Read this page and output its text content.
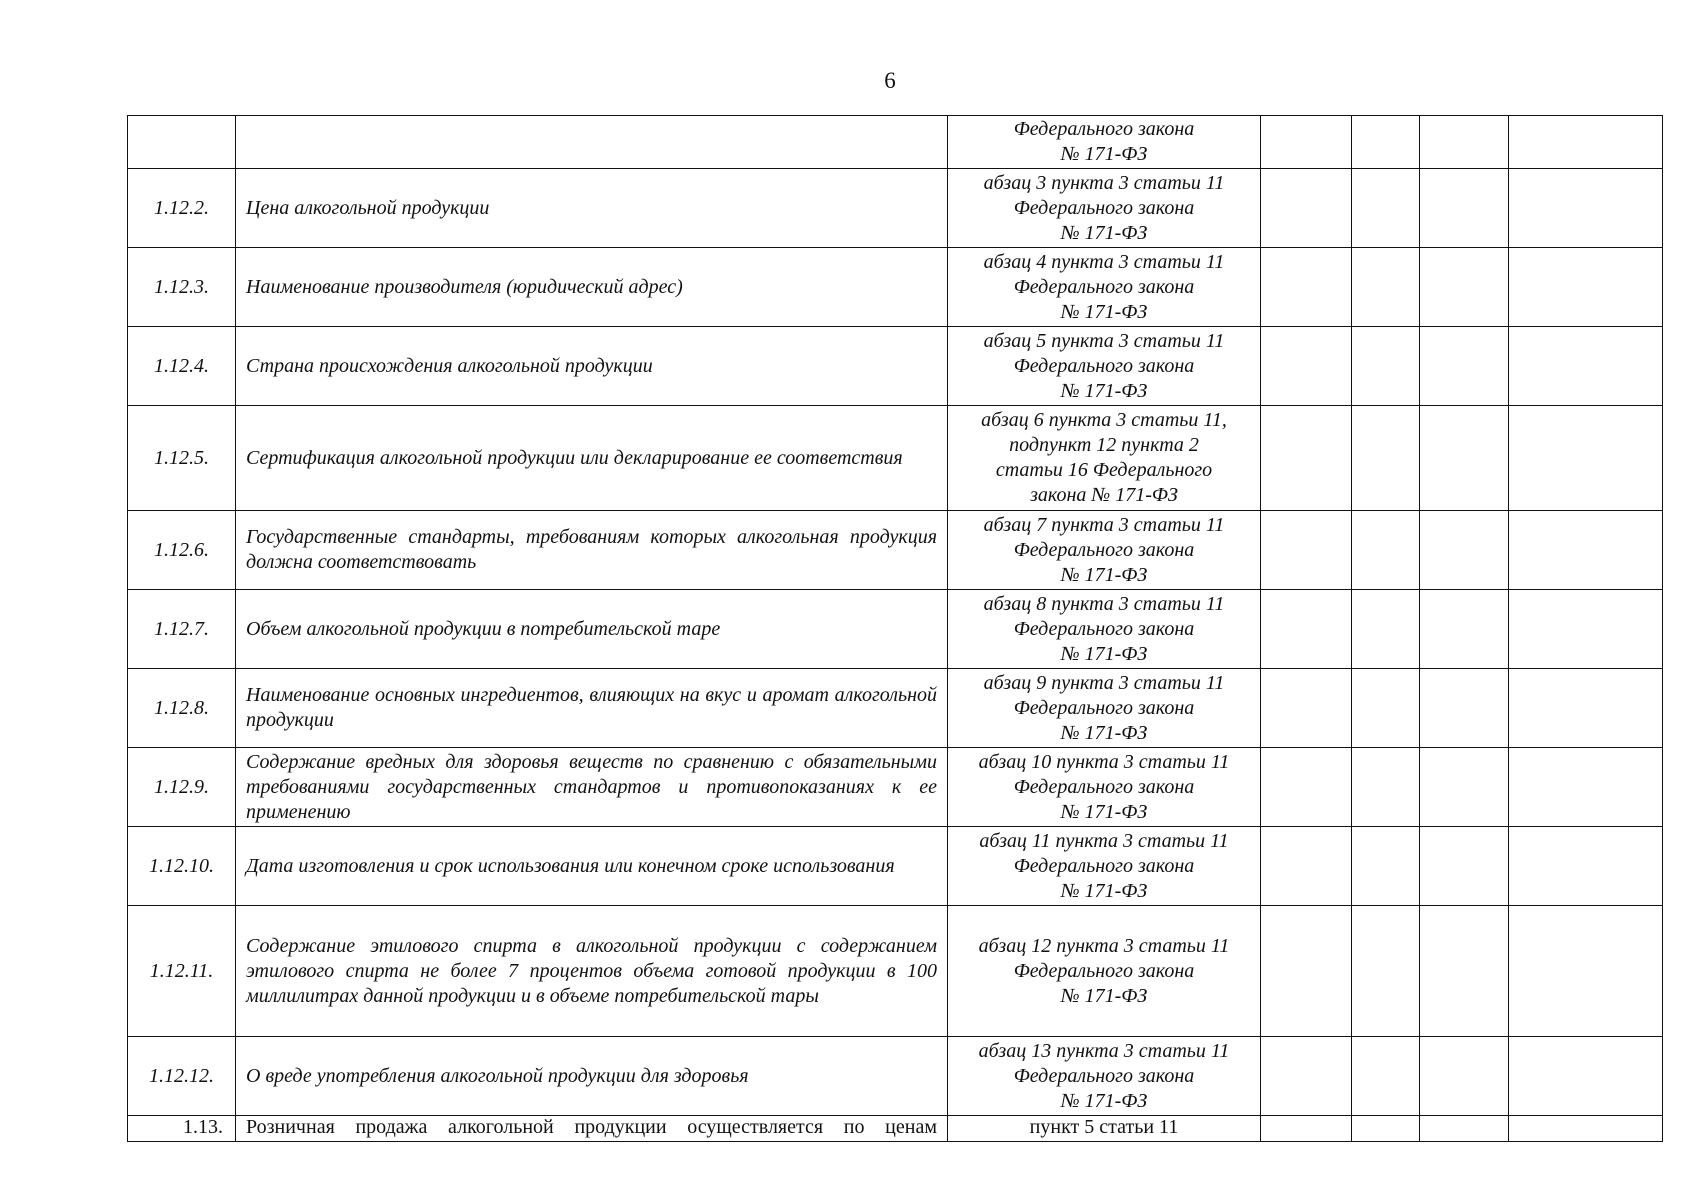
6

		Федерального закона
№ 171-ФЗ				

1.12.2.	Цена алкогольной продукции	абзац 3 пункта 3 статьи 11
Федерального закона
№ 171-ФЗ				

1.12.3.	Наименование производителя (юридический адрес)	абзац 4 пункта 3 статьи 11
Федерального закона
№ 171-ФЗ				

1.12.4.	Страна происхождения алкогольной продукции	абзац 5 пункта 3 статьи 11
Федерального закона
№ 171-ФЗ				

1.12.5.	Сертификация алкогольной продукции или декларирование ее соответствия	абзац 6 пункта 3 статьи 11,
подпункт 12 пункта 2
статьи 16 Федерального
закона № 171-ФЗ				

1.12.6.	Государственные стандарты, требованиям которых алкогольная продукция должна соответствовать	абзац 7 пункта 3 статьи 11
Федерального закона
№ 171-ФЗ				

1.12.7.	Объем алкогольной продукции в потребительской таре	абзац 8 пункта 3 статьи 11
Федерального закона
№ 171-ФЗ				

1.12.8.	Наименование основных ингредиентов, влияющих на вкус и аромат алкогольной продукции	абзац 9 пункта 3 статьи 11
Федерального закона
№ 171-ФЗ				

1.12.9.	Содержание вредных для здоровья веществ по сравнению с обязательными требованиями государственных стандартов и противопоказаниях к ее применению	абзац 10 пункта 3 статьи 11
Федерального закона
№ 171-ФЗ				

1.12.10.	Дата изготовления и срок использования или конечном сроке использования	абзац 11 пункта 3 статьи 11
Федерального закона
№ 171-ФЗ				

1.12.11.	Содержание этилового спирта в алкогольной продукции с содержанием этилового спирта не более 7 процентов объема готовой продукции в 100 миллилитрах данной продукции и в объеме потребительской тары	абзац 12 пункта 3 статьи 11
Федерального закона
№ 171-ФЗ				

1.12.12.	О вреде употребления алкогольной продукции для здоровья	абзац 13 пункта 3 статьи 11
Федерального закона
№ 171-ФЗ				

1.13.	Розничная продажа алкогольной продукции осуществляется по ценам	пункт 5 статьи 11				
